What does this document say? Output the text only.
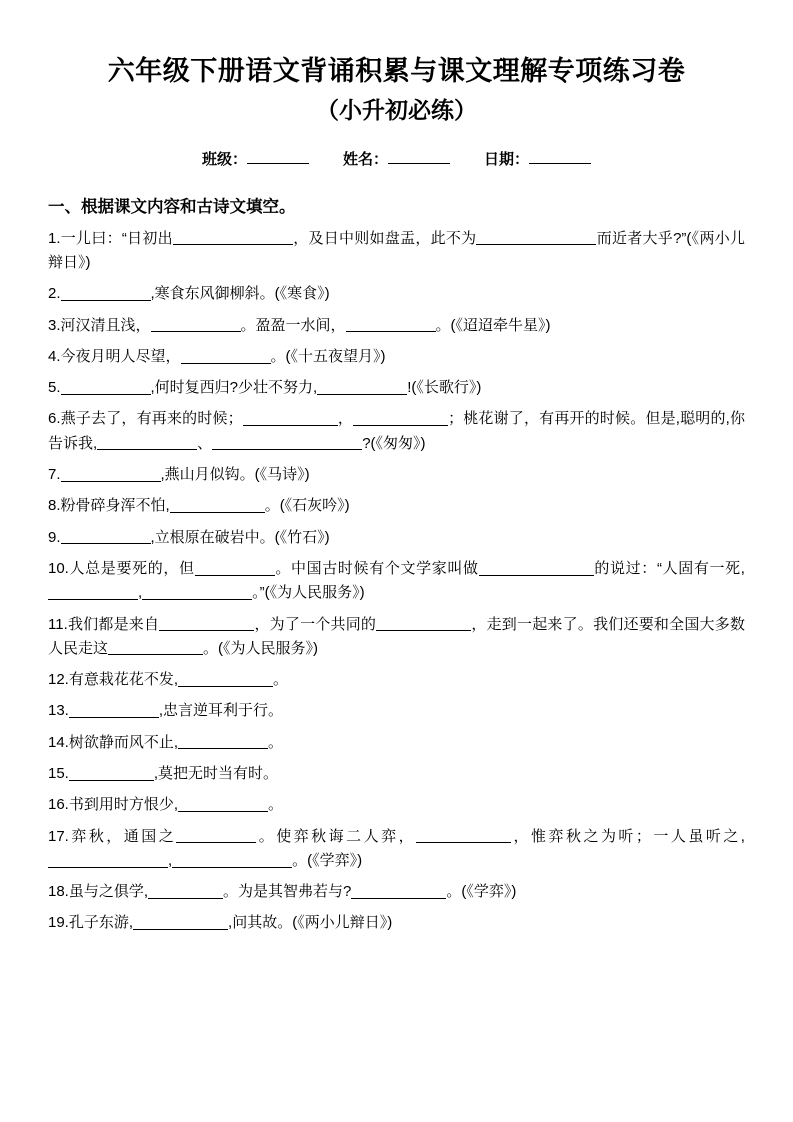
六年级下册语文背诵积累与课文理解专项练习卷
（小升初必练）
班级：	姓名：	日期：
一、根据课文内容和古诗文填空。

1.一儿曰：“日初出	，及日中则如盘盂，此不为	而近者大乎?”(《两小儿辩日》)

2.	,寒食东风御柳斜。(《寒食》)

3.河汉清且浅，	。盈盈一水间，	。(《迢迢牵牛星》)

4.今夜月明人尽望，	。(《十五夜望月》)

5.	,何时复西归?少壮不努力,	!(《长歌行》)

6.燕子去了，有再来的时候；	，	；桃花谢了，有再开的时候。但是,聪明的,你告诉我,	、	?(《匆匆》)

7.	,燕山月似钩。(《马诗》)

8.粉骨碎身浑不怕,	。(《石灰吟》)

9.	,立根原在破岩中。(《竹石》)

10.人总是要死的，但	。中国古时候有个文学家叫做	的说过：“人固有一死,,	。”(《为人民服务》)

11.我们都是来自	，为了一个共同的	，走到一起来了。我们还要和全国大多数人民走这	。(《为人民服务》)

12.有意栽花花不发,	。

13.	,忠言逆耳利于行。

14.树欲静而风不止,	。

15.	,莫把无时当有时。

16.书到用时方恨少,	。

17.弈秋，通国之	。使弈秋诲二人弈，	，惟弈秋之为听；一人虽听之,,	。(《学弈》)

18.虽与之俱学,	。为是其智弗若与?	。(《学弈》)

19.孔子东游,	,问其故。(《两小儿辩日》)
